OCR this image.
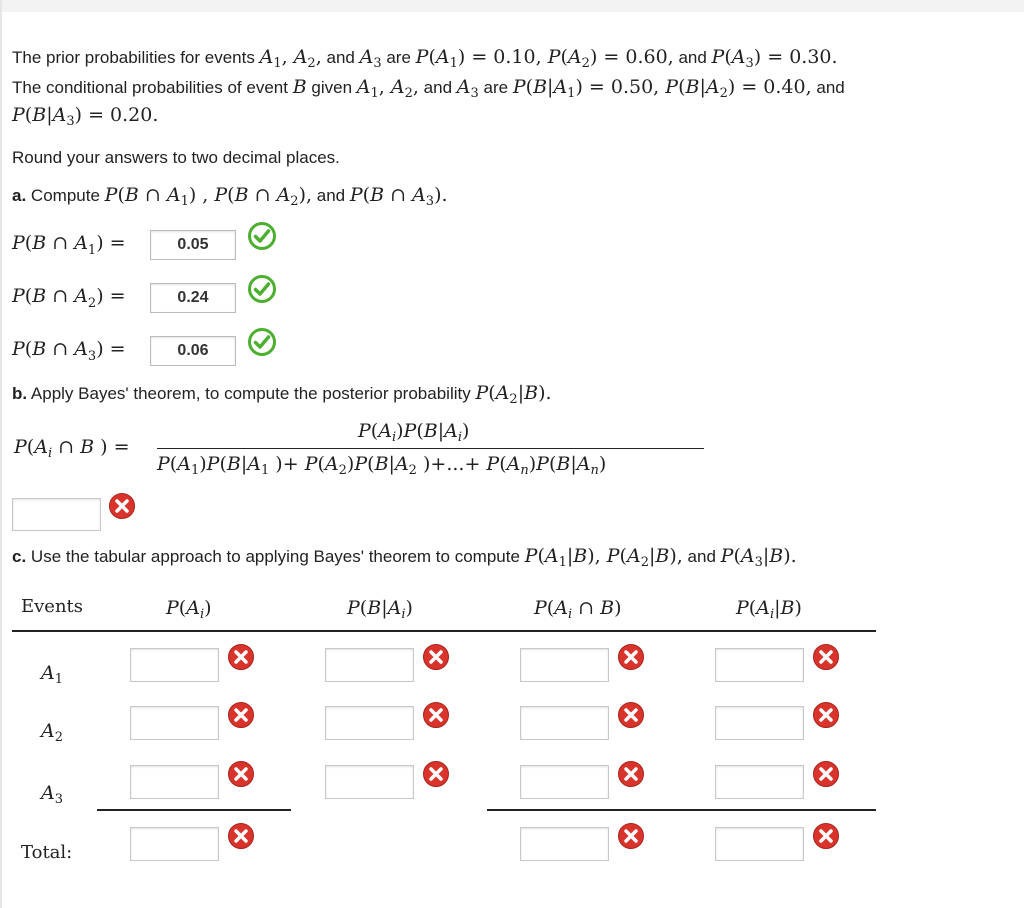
The prior probabilities for events $A_1$, $A_2$, and $A_3$ are $P(A_1) = 0.10$, $P(A_2) = 0.60$, and $P(A_3) = 0.30$.
The conditional probabilities of event B given $A_1$, $A_2$, and $A_3$ are $P(B|A_1) = 0.50$, $P(B|A_2) = 0.40$, and
$P(B|A_3) = 0.20$.
Round your answers to two decimal places.
a. Compute P(B ∩ $A_1$) , P(B ∩ $A_2$), and P(B ∩ $A_3$).
P(B ∩ $A_1$) =	0.05
P(B ∩ $A_2$) =	0.24
P(B ∩ $A_3$) =	0.06
b. Apply Bayes' theorem, to compute the posterior probability $P(A_2|B)$.
$P(A_i$ ∩ B ) =
$P(A_i)P(B|A_i)$
$P(A_1)P(B|A_1$ )+ $P(A_2)P(B|A_2$ )+...+ $P(A_n)P(B|A_n)$
c. Use the tabular approach to applying Bayes' theorem to compute $P(A_1|B)$, $P(A_2|B)$, and $P(A_3|B)$.
Events	$P(A_i)$	$P(B|A_i)$	$P(A_i$ ∩ B)	$P(A_i|B)$
$A_1$
$A_2$
$A_3$
Total:
